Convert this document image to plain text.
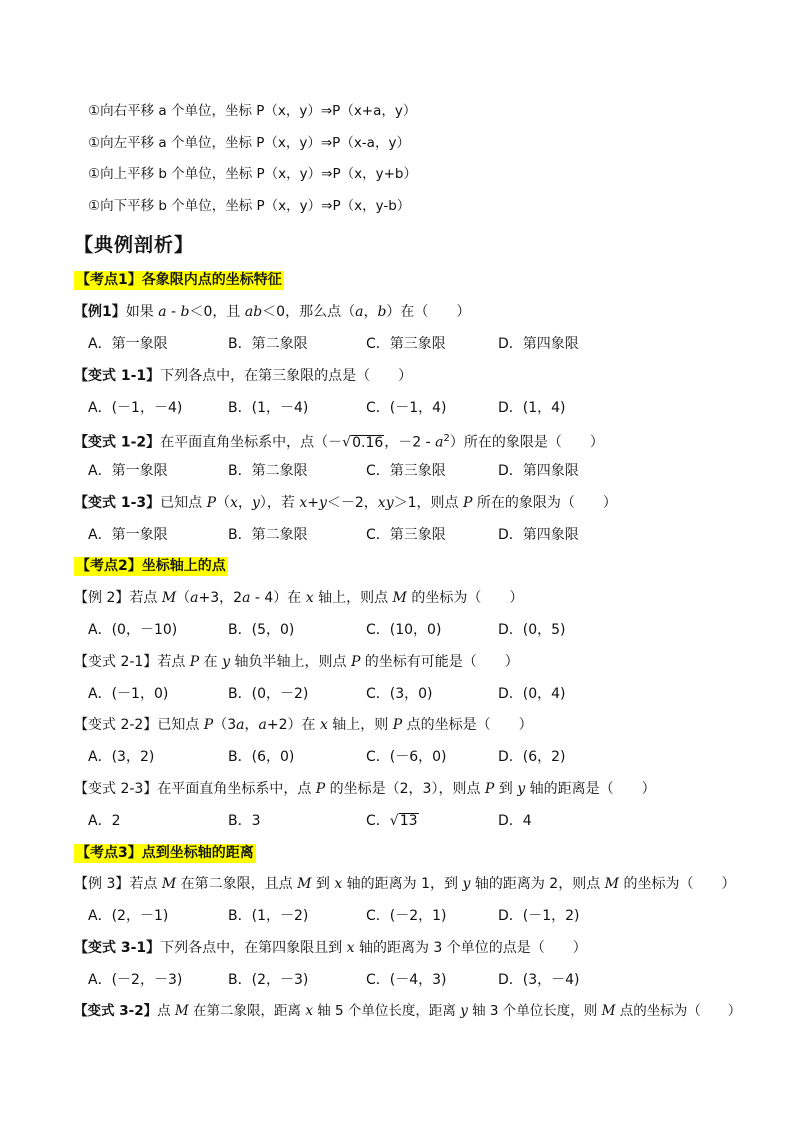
①向右平移 a 个单位，坐标 P（x，y）⇒P（x+a，y）
①向左平移 a 个单位，坐标 P（x，y）⇒P（x-a，y）
①向上平移 b 个单位，坐标 P（x，y）⇒P（x，y+b）
①向下平移 b 个单位，坐标 P（x，y）⇒P（x，y-b）
【典例剖析】
【考点1】各象限内点的坐标特征
【例1】如果 a - b＜0，且 ab＜0，那么点（a，b）在（　　）
A．第一象限	B．第二象限	C．第三象限	D．第四象限
【变式 1-1】下列各点中，在第三象限的点是（　　）
A．(－1，－4)	B．(1，－4)	C．(－1，4)	D．(1，4)
【变式 1-2】在平面直角坐标系中，点（－√0.16，$-2 - a^2$）所在的象限是（　　）
A．第一象限	B．第二象限	C．第三象限	D．第四象限
【变式 1-3】已知点 P（x，y），若 x+y＜－2，xy＞1，则点 P 所在的象限为（　　）
A．第一象限	B．第二象限	C．第三象限	D．第四象限
【考点2】坐标轴上的点
【例 2】若点 M（a+3，2a - 4）在 x 轴上，则点 M 的坐标为（　　）
A．(0，－10)	B．(5，0)	C．(10，0)	D．(0，5)
【变式 2-1】若点 P 在 y 轴负半轴上，则点 P 的坐标有可能是（　　）
A．(－1，0)	B．(0，－2)	C．(3，0)	D．(0，4)
【变式 2-2】已知点 P（3a，a+2）在 x 轴上，则 P 点的坐标是（　　）
A．(3，2)	B．(6，0)	C．(－6，0)	D．(6，2)
【变式 2-3】在平面直角坐标系中，点 P 的坐标是（2，3），则点 P 到 y 轴的距离是（　　）
A．2	B．3	C．√13	D．4
【考点3】点到坐标轴的距离
【例 3】若点 M 在第二象限，且点 M 到 x 轴的距离为 1，到 y 轴的距离为 2，则点 M 的坐标为（　　）
A．(2，－1)	B．(1，－2)	C．(－2，1)	D．(－1，2)
【变式 3-1】下列各点中，在第四象限且到 x 轴的距离为 3 个单位的点是（　　）
A．(－2，－3)	B．(2，－3)	C．(－4，3)	D．(3，－4)
【变式 3-2】点 M 在第二象限，距离 x 轴 5 个单位长度，距离 y 轴 3 个单位长度，则 M 点的坐标为（　　）
